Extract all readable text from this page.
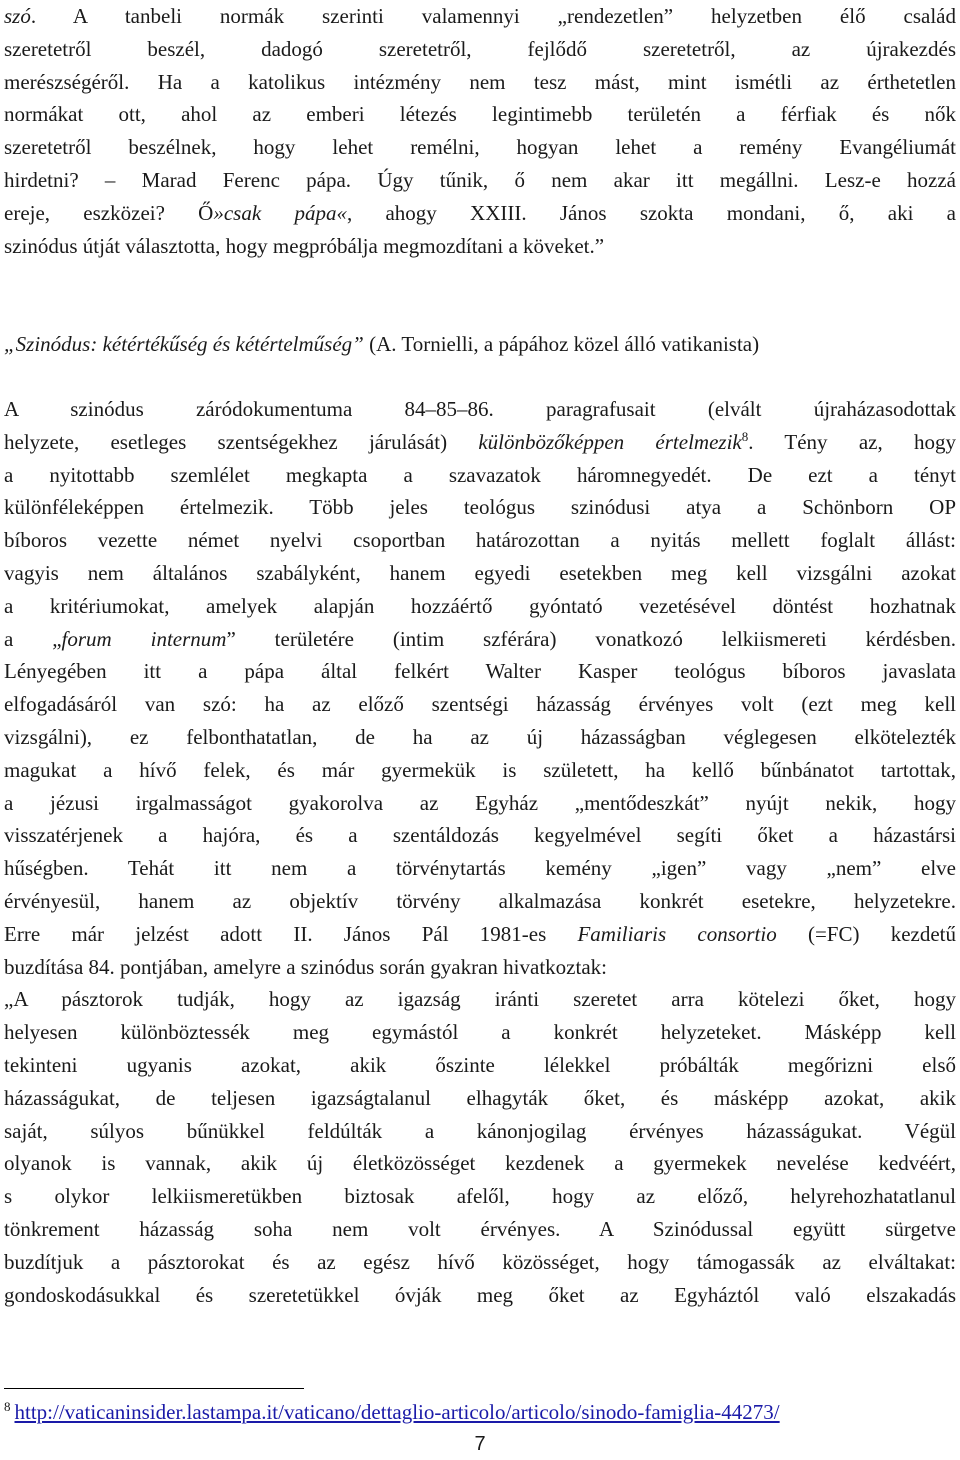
szó. A tanbeli normák szerinti valamennyi „rendezetlen” helyzetben élő család
szeretetről beszél, dadogó szeretetről, fejlődő szeretetről, az újrakezdés
merészségéről. Ha a katolikus intézmény nem tesz mást, mint ismétli az érthetetlen
normákat ott, ahol az emberi létezés legintimebb területén a férfiak és nők
szeretetről beszélnek, hogy lehet remélni, hogyan lehet a remény Evangéliumát
hirdetni? – Marad Ferenc pápa. Úgy tűnik, ő nem akar itt megállni. Lesz-e hozzá
ereje, eszközei? Ő»csak pápa«, ahogy XXIII. János szokta mondani, ő, aki a
szinódus útját választotta, hogy megpróbálja megmozdítani a köveket.”
„Szinódus: kétértékűség és kétértelműség” (A. Tornielli, a pápához közel álló vatikanista)
A szinódus záródokumentuma 84–85–86. paragrafusait (elvált újraházasodottak
helyzete, esetleges szentségekhez járulását) különbözőképpen értelmezik$^8$. Tény az, hogy
a nyitottabb szemlélet megkapta a szavazatok háromnegyedét. De ezt a tényt
különféleképpen értelmezik. Több jeles teológus szinódusi atya a Schönborn OP
bíboros vezette német nyelvi csoportban határozottan a nyitás mellett foglalt állást:
vagyis nem általános szabályként, hanem egyedi esetekben meg kell vizsgálni azokat
a kritériumokat, amelyek alapján hozzáértő gyóntató vezetésével döntést hozhatnak
a „forum internum” területére (intim szférára) vonatkozó lelkiismereti kérdésben.
Lényegében itt a pápa által felkért Walter Kasper teológus bíboros javaslata
elfogadásáról van szó: ha az előző szentségi házasság érvényes volt (ezt meg kell
vizsgálni), ez felbonthatatlan, de ha az új házasságban véglegesen elkötelezték
magukat a hívő felek, és már gyermekük is született, ha kellő bűnbánatot tartottak,
a jézusi irgalmasságot gyakorolva az Egyház „mentődeszkát” nyújt nekik, hogy
visszatérjenek a hajóra, és a szentáldozás kegyelmével segíti őket a házastársi
hűségben. Tehát itt nem a törvénytartás kemény „igen” vagy „nem” elve
érvényesül, hanem az objektív törvény alkalmazása konkrét esetekre, helyzetekre.
Erre már jelzést adott II. János Pál 1981-es Familiaris consortio (=FC) kezdetű
buzdítása 84. pontjában, amelyre a szinódus során gyakran hivatkoztak:
„A pásztorok tudják, hogy az igazság iránti szeretet arra kötelezi őket, hogy
helyesen különböztessék meg egymástól a konkrét helyzeteket. Másképp kell
tekinteni ugyanis azokat, akik őszinte lélekkel próbálták megőrizni első
házasságukat, de teljesen igazságtalanul elhagyták őket, és másképp azokat, akik
saját, súlyos bűnükkel feldúlták a kánonjogilag érvényes házasságukat. Végül
olyanok is vannak, akik új életközösséget kezdenek a gyermekek nevelése kedvéért,
s olykor lelkiismeretükben biztosak afelől, hogy az előző, helyrehozhatatlanul
tönkrement házasság soha nem volt érvényes. A Szinódussal együtt sürgetve
buzdítjuk a pásztorokat és az egész hívő közösséget, hogy támogassák az elváltakat:
gondoskodásukkal és szeretetükkel óvják meg őket az Egyháztól való elszakadás
$^8$ http://vaticaninsider.lastampa.it/vaticano/dettaglio-articolo/articolo/sinodo-famiglia-44273/
7
